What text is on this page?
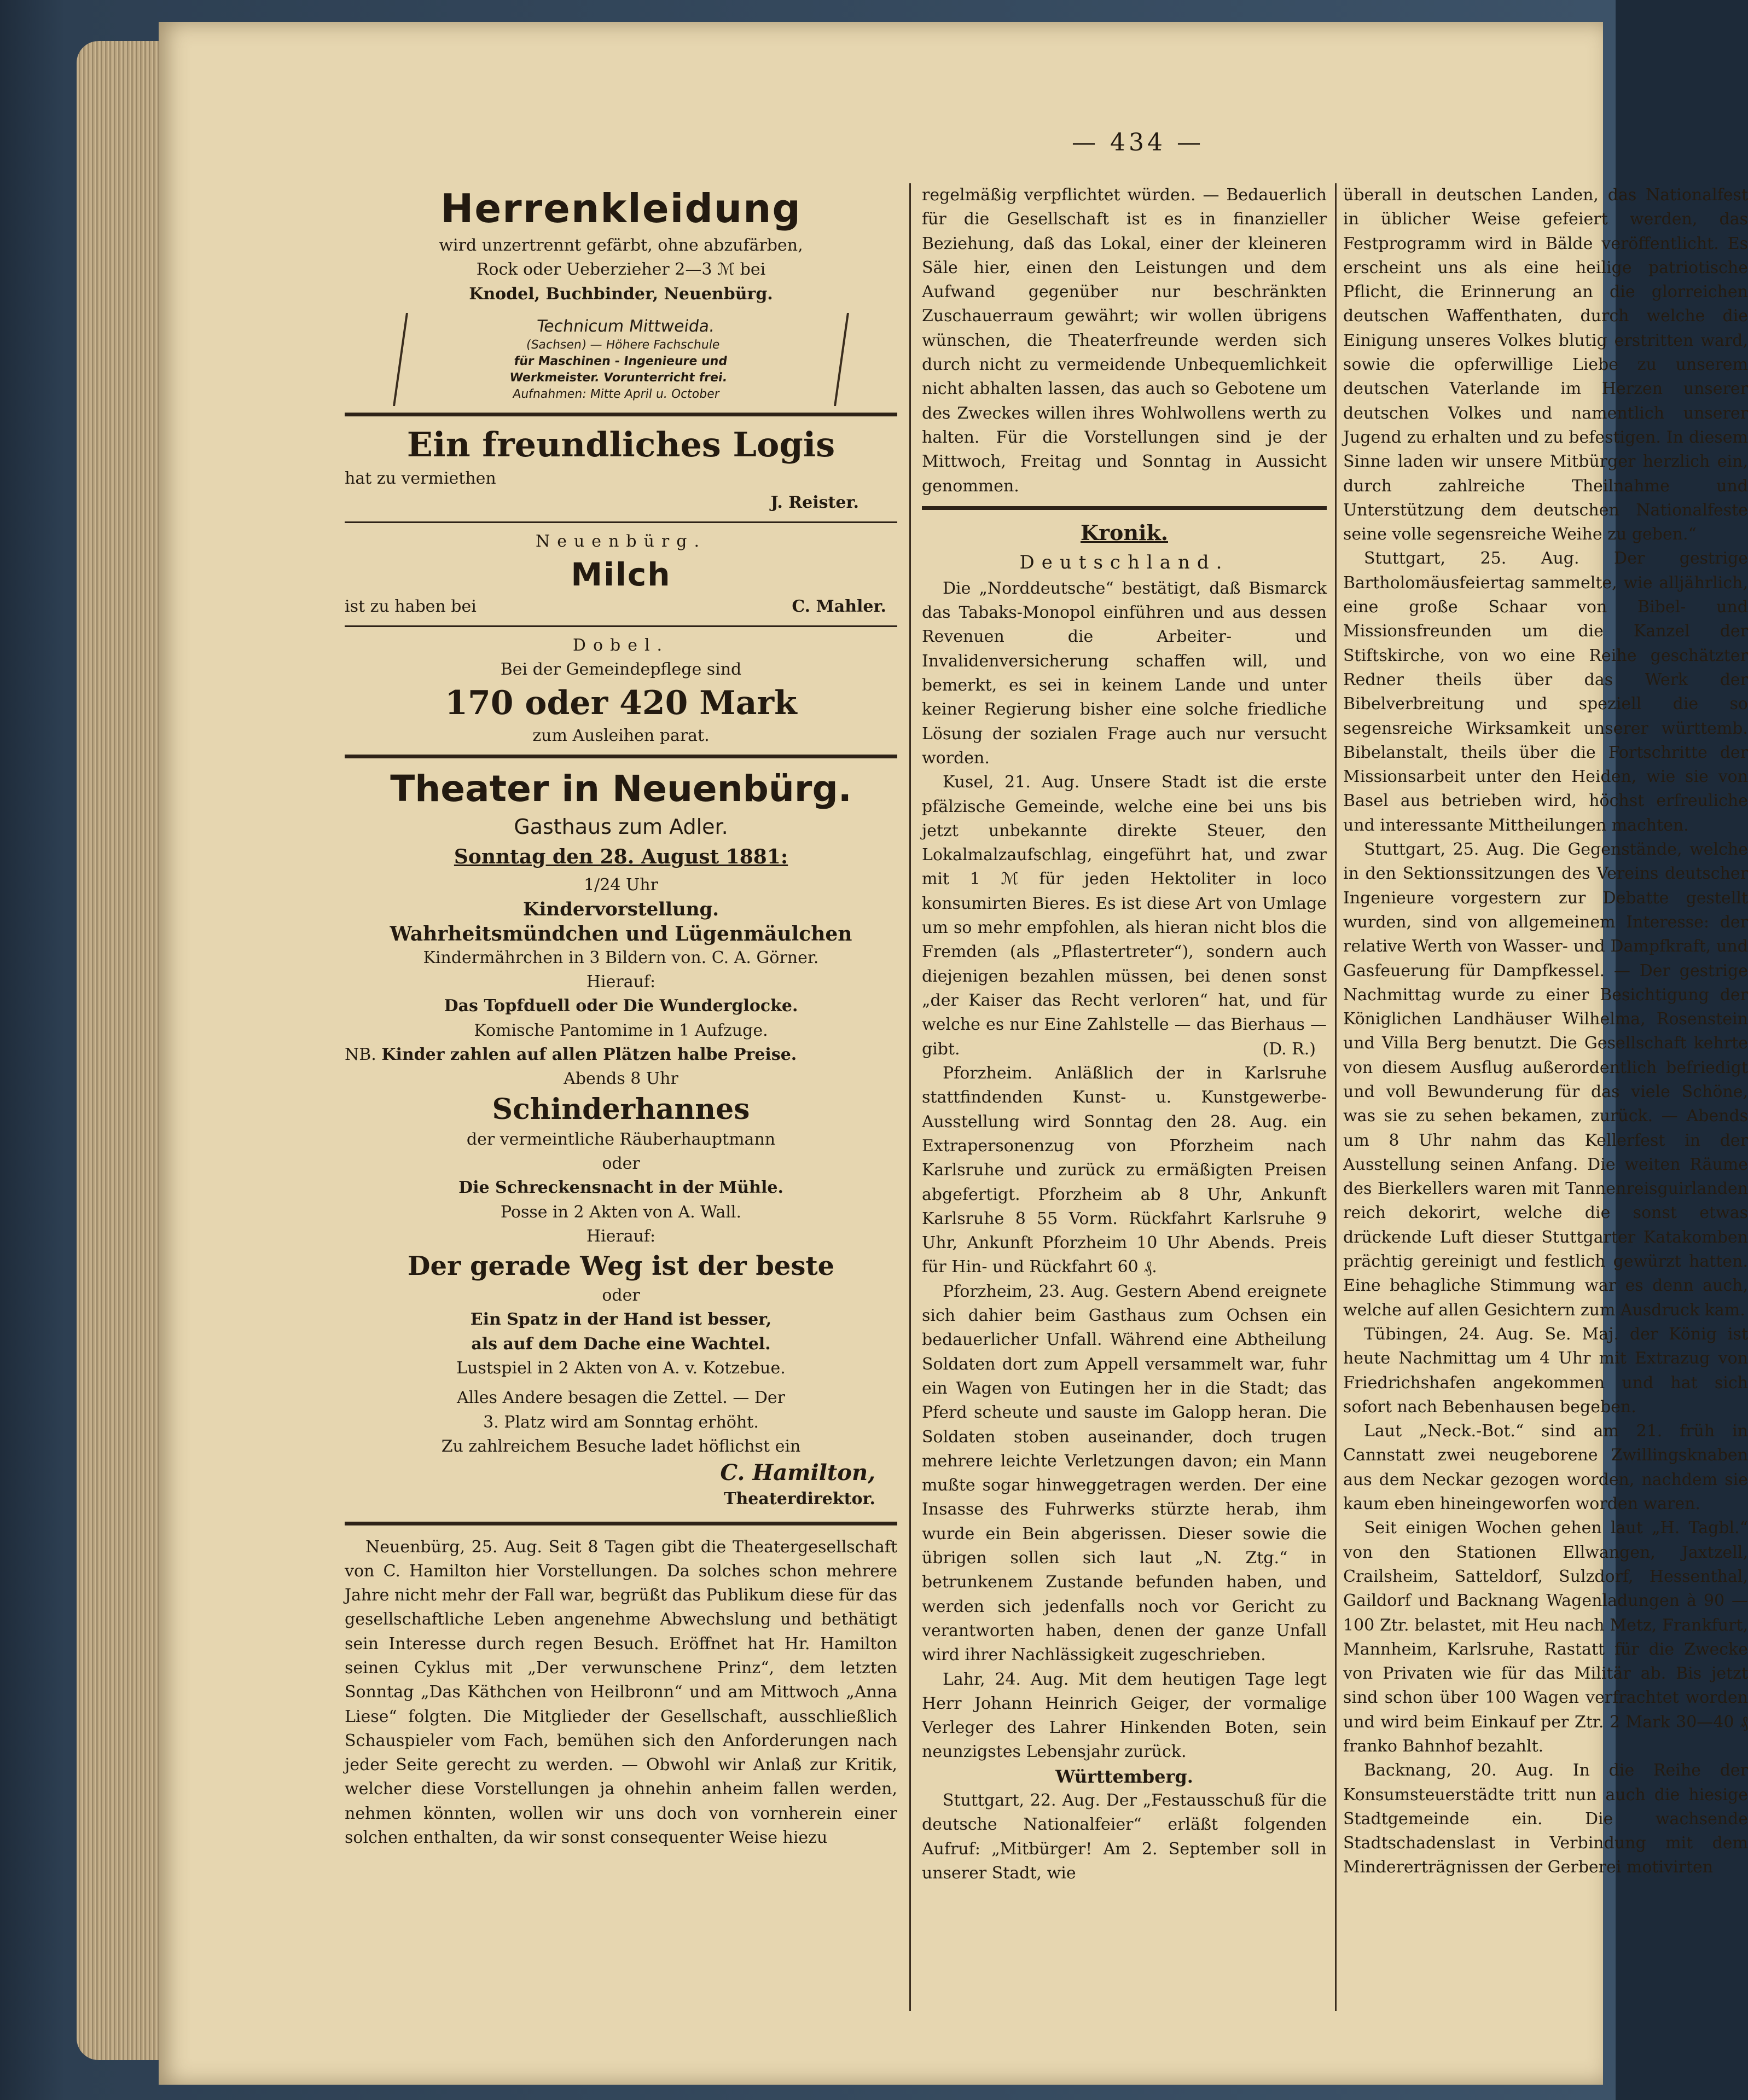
— 434 —
Herrenkleidung
wird unzertrennt gefärbt, ohne abzufärben,
Rock oder Ueberzieher 2—3 ℳ bei
Knodel, Buchbinder, Neuenbürg.
Technicum Mittweida.
(Sachsen) — Höhere Fachschule
für Maschinen - Ingenieure und
Werkmeister. Vorunterricht frei.
Aufnahmen: Mitte April u. October
Ein freundliches Logis
hat zu vermiethen
J. Reister.
Neuenbürg.
Milch
ist zu haben bei	C. Mahler.
Dobel.
Bei der Gemeindepflege sind
170 oder 420 Mark
zum Ausleihen parat.
Theater in Neuenbürg.
Gasthaus zum Adler.
Sonntag den 28. August 1881:
1/24 Uhr
Kindervorstellung.
Wahrheitsmündchen und Lügenmäulchen
Kindermährchen in 3 Bildern von. C. A. Görner.
Hierauf:
Das Topfduell oder Die Wunderglocke.
Komische Pantomime in 1 Aufzuge.
NB. Kinder zahlen auf allen Plätzen halbe Preise.
Abends 8 Uhr
Schinderhannes
der vermeintliche Räuberhauptmann
oder
Die Schreckensnacht in der Mühle.
Posse in 2 Akten von A. Wall.
Hierauf:
Der gerade Weg ist der beste
oder
Ein Spatz in der Hand ist besser,
als auf dem Dache eine Wachtel.
Lustspiel in 2 Akten von A. v. Kotzebue.
Alles Andere besagen die Zettel. — Der
3. Platz wird am Sonntag erhöht.
Zu zahlreichem Besuche ladet höflichst ein
C. Hamilton,
Theaterdirektor.

Neuenbürg, 25. Aug. Seit 8 Tagen gibt die Theatergesellschaft von C. Hamilton hier Vorstellungen. Da solches schon mehrere Jahre nicht mehr der Fall war, begrüßt das Publikum diese für das gesellschaftliche Leben angenehme Abwechslung und bethätigt sein Interesse durch regen Besuch. Eröffnet hat Hr. Hamilton seinen Cyklus mit „Der verwunschene Prinz“, dem letzten Sonntag „Das Käthchen von Heilbronn“ und am Mittwoch „Anna Liese“ folgten. Die Mitglieder der Gesellschaft, ausschließlich Schauspieler vom Fach, bemühen sich den Anforderungen nach jeder Seite gerecht zu werden. — Obwohl wir Anlaß zur Kritik, welcher diese Vorstellungen ja ohnehin anheim fallen werden, nehmen könnten, wollen wir uns doch von vornherein einer solchen enthalten, da wir sonst consequenter Weise hiezu

regelmäßig verpflichtet würden. — Bedauerlich für die Gesellschaft ist es in finanzieller Beziehung, daß das Lokal, einer der kleineren Säle hier, einen den Leistungen und dem Aufwand gegenüber nur beschränkten Zuschauerraum gewährt; wir wollen übrigens wünschen, die Theaterfreunde werden sich durch nicht zu vermeidende Unbequemlichkeit nicht abhalten lassen, das auch so Gebotene um des Zweckes willen ihres Wohlwollens werth zu halten. Für die Vorstellungen sind je der Mittwoch, Freitag und Sonntag in Aussicht genommen.

Kronik.
Deutschland.

Die „Norddeutsche“ bestätigt, daß Bismarck das Tabaks-Monopol einführen und aus dessen Revenuen die Arbeiter- und Invalidenversicherung schaffen will, und bemerkt, es sei in keinem Lande und unter keiner Regierung bisher eine solche friedliche Lösung der sozialen Frage auch nur versucht worden.

Kusel, 21. Aug. Unsere Stadt ist die erste pfälzische Gemeinde, welche eine bei uns bis jetzt unbekannte direkte Steuer, den Lokalmalzaufschlag, eingeführt hat, und zwar mit 1 ℳ für jeden Hektoliter in loco konsumirten Bieres. Es ist diese Art von Umlage um so mehr empfohlen, als hieran nicht blos die Fremden (als „Pflastertreter“), sondern auch diejenigen bezahlen müssen, bei denen sonst „der Kaiser das Recht verloren“ hat, und für welche es nur Eine Zahlstelle — das Bierhaus — gibt.	(D. R.)

Pforzheim. Anläßlich der in Karlsruhe stattfindenden Kunst- u. Kunstgewerbe-Ausstellung wird Sonntag den 28. Aug. ein Extrapersonenzug von Pforzheim nach Karlsruhe und zurück zu ermäßigten Preisen abgefertigt. Pforzheim ab 8 Uhr, Ankunft Karlsruhe 8 55 Vorm. Rückfahrt Karlsruhe 9 Uhr, Ankunft Pforzheim 10 Uhr Abends. Preis für Hin- und Rückfahrt 60 ₰.

Pforzheim, 23. Aug. Gestern Abend ereignete sich dahier beim Gasthaus zum Ochsen ein bedauerlicher Unfall. Während eine Abtheilung Soldaten dort zum Appell versammelt war, fuhr ein Wagen von Eutingen her in die Stadt; das Pferd scheute und sauste im Galopp heran. Die Soldaten stoben auseinander, doch trugen mehrere leichte Verletzungen davon; ein Mann mußte sogar hinweggetragen werden. Der eine Insasse des Fuhrwerks stürzte herab, ihm wurde ein Bein abgerissen. Dieser sowie die übrigen sollen sich laut „N. Ztg.“ in betrunkenem Zustande befunden haben, und werden sich jedenfalls noch vor Gericht zu verantworten haben, denen der ganze Unfall wird ihrer Nachlässigkeit zugeschrieben.

Lahr, 24. Aug. Mit dem heutigen Tage legt Herr Johann Heinrich Geiger, der vormalige Verleger des Lahrer Hinkenden Boten, sein neunzigstes Lebensjahr zurück.

Württemberg.

Stuttgart, 22. Aug. Der „Festausschuß für die deutsche Nationalfeier“ erläßt folgenden Aufruf: „Mitbürger! Am 2. September soll in unserer Stadt, wie

überall in deutschen Landen, das Nationalfest in üblicher Weise gefeiert werden, das Festprogramm wird in Bälde veröffentlicht. Es erscheint uns als eine heilige patriotische Pflicht, die Erinnerung an die glorreichen deutschen Waffenthaten, durch welche die Einigung unseres Volkes blutig erstritten ward, sowie die opferwillige Liebe zu unserem deutschen Vaterlande im Herzen unserer deutschen Volkes und namentlich unserer Jugend zu erhalten und zu befestigen. In diesem Sinne laden wir unsere Mitbürger herzlich ein, durch zahlreiche Theilnahme und Unterstützung dem deutschen Nationalfeste seine volle segensreiche Weihe zu geben.“

Stuttgart, 25. Aug. Der gestrige Bartholomäusfeiertag sammelte, wie alljährlich, eine große Schaar von Bibel- und Missionsfreunden um die Kanzel der Stiftskirche, von wo eine Reihe geschätzter Redner theils über das Werk der Bibelverbreitung und speziell die so segensreiche Wirksamkeit unserer württemb. Bibelanstalt, theils über die Fortschritte der Missionsarbeit unter den Heiden, wie sie von Basel aus betrieben wird, höchst erfreuliche und interessante Mittheilungen machten.

Stuttgart, 25. Aug. Die Gegenstände, welche in den Sektionssitzungen des Vereins deutscher Ingenieure vorgestern zur Debatte gestellt wurden, sind von allgemeinem Interesse: der relative Werth von Wasser- und Dampfkraft, und Gasfeuerung für Dampfkessel. — Der gestrige Nachmittag wurde zu einer Besichtigung der Königlichen Landhäuser Wilhelma, Rosenstein und Villa Berg benutzt. Die Gesellschaft kehrte von diesem Ausflug außerordentlich befriedigt und voll Bewunderung für das viele Schöne, was sie zu sehen bekamen, zurück. — Abends um 8 Uhr nahm das Kellerfest in der Ausstellung seinen Anfang. Die weiten Räume des Bierkellers waren mit Tannenreisguirlanden reich dekorirt, welche die sonst etwas drückende Luft dieser Stuttgarter Katakomben prächtig gereinigt und festlich gewürzt hatten. Eine behagliche Stimmung war es denn auch, welche auf allen Gesichtern zum Ausdruck kam.

Tübingen, 24. Aug. Se. Maj. der König ist heute Nachmittag um 4 Uhr mit Extrazug von Friedrichshafen angekommen und hat sich sofort nach Bebenhausen begeben.

Laut „Neck.-Bot.“ sind am 21. früh in Cannstatt zwei neugeborene Zwillingsknaben aus dem Neckar gezogen worden, nachdem sie kaum eben hineingeworfen worden waren.

Seit einigen Wochen gehen laut „H. Tagbl.“ von den Stationen Ellwangen, Jaxtzell, Crailsheim, Satteldorf, Sulzdorf, Hessenthal, Gaildorf und Backnang Wagenladungen à 90 — 100 Ztr. belastet, mit Heu nach Metz, Frankfurt, Mannheim, Karlsruhe, Rastatt für die Zwecke von Privaten wie für das Militär ab. Bis jetzt sind schon über 100 Wagen verfrachtet worden und wird beim Einkauf per Ztr. 2 Mark 30—40 ₰ franko Bahnhof bezahlt.

Backnang, 20. Aug. In die Reihe der Konsumsteuerstädte tritt nun auch die hiesige Stadtgemeinde ein. Die wachsende Stadtschadenslast in Verbindung mit dem Mindererträgnissen der Gerberei motivirten
